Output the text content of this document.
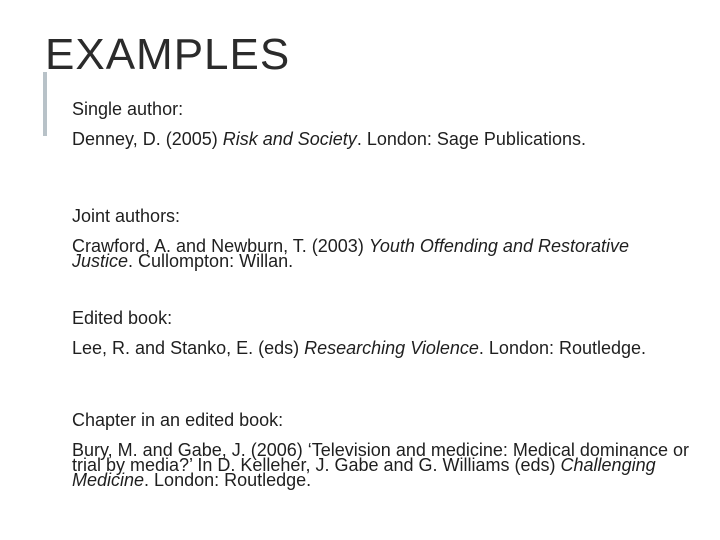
EXAMPLES
Single author:
Denney, D. (2005) Risk and Society. London: Sage Publications.
Joint authors:
Crawford, A. and Newburn, T. (2003) Youth Offending and Restorative Justice. Cullompton: Willan.
Edited book:
Lee, R. and Stanko, E. (eds) Researching Violence. London: Routledge.
Chapter in an edited book:
Bury, M. and Gabe, J. (2006) ‘Television and medicine: Medical dominance or trial by media?’ In D. Kelleher, J. Gabe and G. Williams (eds) Challenging Medicine. London: Routledge.
